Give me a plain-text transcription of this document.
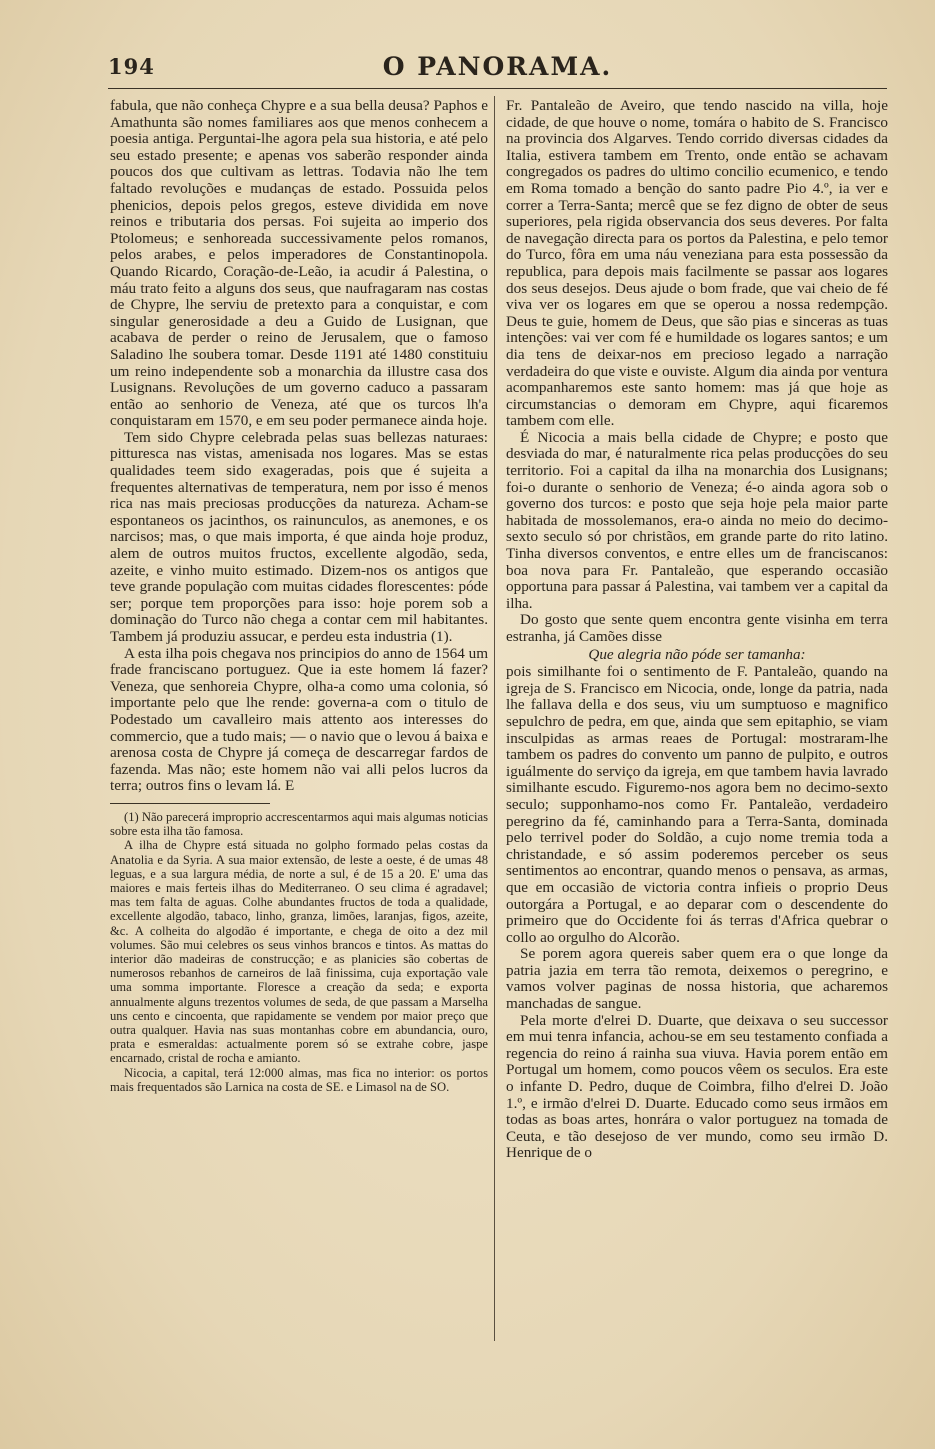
194	O PANORAMA.

fabula, que não conheça Chypre e a sua bella deusa? Paphos e Amathunta são nomes familiares aos que menos conhecem a poesia antiga. Perguntai-lhe agora pela sua historia, e até pelo seu estado presente; e apenas vos saberão responder ainda poucos dos que cultivam as lettras. Todavia não lhe tem faltado revoluções e mudanças de estado. Possuida pelos phenicios, depois pelos gregos, esteve dividida em nove reinos e tributaria dos persas. Foi sujeita ao imperio dos Ptolomeus; e senhoreada successivamente pelos romanos, pelos arabes, e pelos imperadores de Constantinopola. Quando Ricardo, Coração-de-Leão, ia acudir á Palestina, o máu trato feito a alguns dos seus, que naufragaram nas costas de Chypre, lhe serviu de pretexto para a conquistar, e com singular generosidade a deu a Guido de Lusignan, que acabava de perder o reino de Jerusalem, que o famoso Saladino lhe soubera tomar. Desde 1191 até 1480 constituiu um reino independente sob a monarchia da illustre casa dos Lusignans. Revoluções de um governo caduco a passaram então ao senhorio de Veneza, até que os turcos lh'a conquistaram em 1570, e em seu poder permanece ainda hoje.

Tem sido Chypre celebrada pelas suas bellezas naturaes: pitturesca nas vistas, amenisada nos logares. Mas se estas qualidades teem sido exageradas, pois que é sujeita a frequentes alternativas de temperatura, nem por isso é menos rica nas mais preciosas producções da natureza. Acham-se espontaneos os jacinthos, os rainunculos, as anemones, e os narcisos; mas, o que mais importa, é que ainda hoje produz, alem de outros muitos fructos, excellente algodão, seda, azeite, e vinho muito estimado. Dizem-nos os antigos que teve grande população com muitas cidades florescentes: póde ser; porque tem proporções para isso: hoje porem sob a dominação do Turco não chega a contar cem mil habitantes. Tambem já produziu assucar, e perdeu esta industria (1).

A esta ilha pois chegava nos principios do anno de 1564 um frade franciscano portuguez. Que ia este homem lá fazer? Veneza, que senhoreia Chypre, olha-a como uma colonia, só importante pelo que lhe rende: governa-a com o titulo de Podestado um cavalleiro mais attento aos interesses do commercio, que a tudo mais; — o navio que o levou á baixa e arenosa costa de Chypre já começa de descarregar fardos de fazenda. Mas não; este homem não vai alli pelos lucros da terra; outros fins o levam lá. E

(1) Não parecerá improprio accrescentarmos aqui mais algumas noticias sobre esta ilha tão famosa.

A ilha de Chypre está situada no golpho formado pelas costas da Anatolia e da Syria. A sua maior extensão, de leste a oeste, é de umas 48 leguas, e a sua largura média, de norte a sul, é de 15 a 20. E' uma das maiores e mais ferteis ilhas do Mediterraneo. O seu clima é agradavel; mas tem falta de aguas. Colhe abundantes fructos de toda a qualidade, excellente algodão, tabaco, linho, granza, limões, laranjas, figos, azeite, &c. A colheita do algodão é importante, e chega de oito a dez mil volumes. São mui celebres os seus vinhos brancos e tintos. As mattas do interior dão madeiras de construcção; e as planicies são cobertas de numerosos rebanhos de carneiros de laã finissima, cuja exportação vale uma somma importante. Floresce a creação da seda; e exporta annualmente alguns trezentos volumes de seda, de que passam a Marselha uns cento e cincoenta, que rapidamente se vendem por maior preço que outra qualquer. Havia nas suas montanhas cobre em abundancia, ouro, prata e esmeraldas: actualmente porem só se extrahe cobre, jaspe encarnado, cristal de rocha e amianto.

Nicocia, a capital, terá 12:000 almas, mas fica no interior: os portos mais frequentados são Larnica na costa de SE. e Limasol na de SO.

Fr. Pantaleão de Aveiro, que tendo nascido na villa, hoje cidade, de que houve o nome, tomára o habito de S. Francisco na provincia dos Algarves. Tendo corrido diversas cidades da Italia, estivera tambem em Trento, onde então se achavam congregados os padres do ultimo concilio ecumenico, e tendo em Roma tomado a benção do santo padre Pio 4.º, ia ver e correr a Terra-Santa; mercê que se fez digno de obter de seus superiores, pela rigida observancia dos seus deveres. Por falta de navegação directa para os portos da Palestina, e pelo temor do Turco, fôra em uma náu veneziana para esta possessão da republica, para depois mais facilmente se passar aos logares dos seus desejos. Deus ajude o bom frade, que vai cheio de fé viva ver os logares em que se operou a nossa redempção. Deus te guie, homem de Deus, que são pias e sinceras as tuas intenções: vai ver com fé e humildade os logares santos; e um dia tens de deixar-nos em precioso legado a narração verdadeira do que viste e ouviste. Algum dia ainda por ventura acompanharemos este santo homem: mas já que hoje as circumstancias o demoram em Chypre, aqui ficaremos tambem com elle.

É Nicocia a mais bella cidade de Chypre; e posto que desviada do mar, é naturalmente rica pelas producções do seu territorio. Foi a capital da ilha na monarchia dos Lusignans; foi-o durante o senhorio de Veneza; é-o ainda agora sob o governo dos turcos: e posto que seja hoje pela maior parte habitada de mossolemanos, era-o ainda no meio do decimo-sexto seculo só por christãos, em grande parte do rito latino. Tinha diversos conventos, e entre elles um de franciscanos: boa nova para Fr. Pantaleão, que esperando occasião opportuna para passar á Palestina, vai tambem ver a capital da ilha.

Do gosto que sente quem encontra gente visinha em terra estranha, já Camões disse

Que alegria não póde ser tamanha:

pois similhante foi o sentimento de F. Pantaleão, quando na igreja de S. Francisco em Nicocia, onde, longe da patria, nada lhe fallava della e dos seus, viu um sumptuoso e magnifico sepulchro de pedra, em que, ainda que sem epitaphio, se viam insculpidas as armas reaes de Portugal: mostraram-lhe tambem os padres do convento um panno de pulpito, e outros iguálmente do serviço da igreja, em que tambem havia lavrado similhante escudo. Figuremo-nos agora bem no decimo-sexto seculo; supponhamo-nos como Fr. Pantaleão, verdadeiro peregrino da fé, caminhando para a Terra-Santa, dominada pelo terrivel poder do Soldão, a cujo nome tremia toda a christandade, e só assim poderemos perceber os seus sentimentos ao encontrar, quando menos o pensava, as armas, que em occasião de victoria contra infieis o proprio Deus outorgára a Portugal, e ao deparar com o descendente do primeiro que do Occidente foi ás terras d'Africa quebrar o collo ao orgulho do Alcorão.

Se porem agora quereis saber quem era o que longe da patria jazia em terra tão remota, deixemos o peregrino, e vamos volver paginas de nossa historia, que acharemos manchadas de sangue.

Pela morte d'elrei D. Duarte, que deixava o seu successor em mui tenra infancia, achou-se em seu testamento confiada a regencia do reino á rainha sua viuva. Havia porem então em Portugal um homem, como poucos vêem os seculos. Era este o infante D. Pedro, duque de Coimbra, filho d'elrei D. João 1.º, e irmão d'elrei D. Duarte. Educado como seus irmãos em todas as boas artes, honrára o valor portuguez na tomada de Ceuta, e tão desejoso de ver mundo, como seu irmão D. Henrique de o
